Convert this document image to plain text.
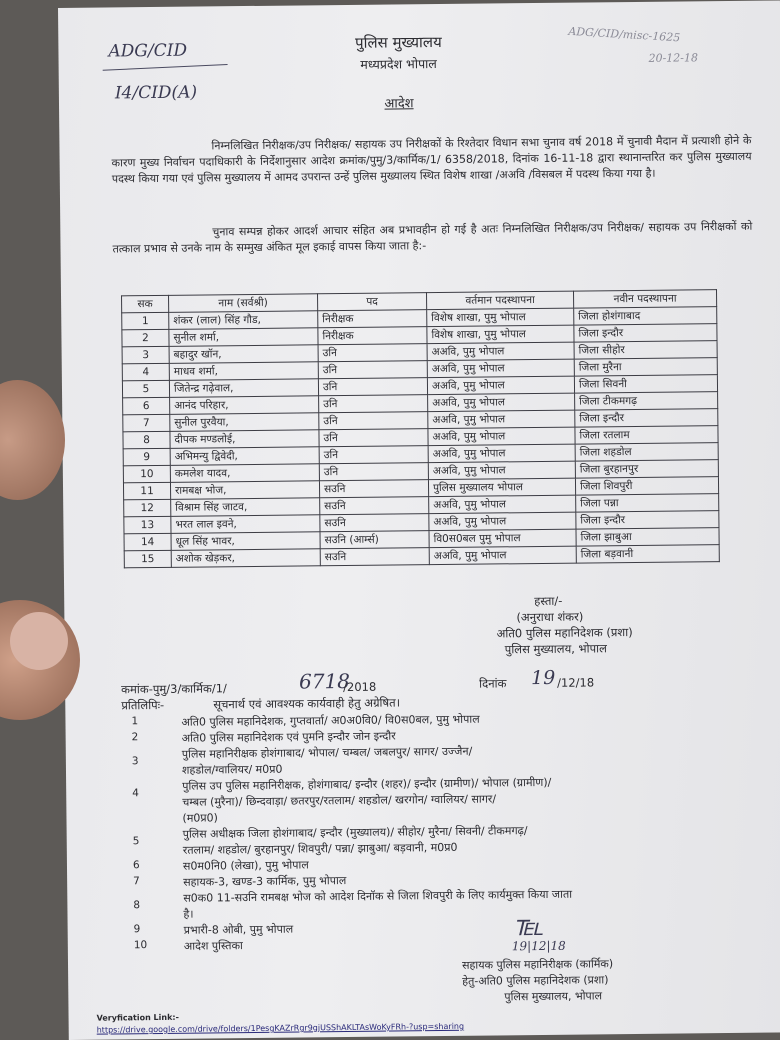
ADG/CID
I4/CID(A)
ADG/CID/misc-1625
20-12-18
पुलिस मुख्यालय
मध्यप्रदेश भोपाल
आदेश
निम्नलिखित निरीक्षक/उप निरीक्षक/ सहायक उप निरीक्षकों के रिश्तेदार विधान सभा चुनाव वर्ष 2018 में चुनावी मैदान में प्रत्याशी होने के कारण मुख्य निर्वाचन पदाधिकारी के निर्देशानुसार आदेश क्रमांक/पुमु/3/कार्मिक/1/ 6358/2018, दिनांक 16-11-18 द्वारा स्थानान्तरित कर पुलिस मुख्यालय पदस्थ किया गया एवं पुलिस मुख्यालय में आमद उपरान्त उन्हें पुलिस मुख्यालय स्थित विशेष शाखा /अअवि /विसबल में पदस्थ किया गया है।
चुनाव सम्पन्न होकर आदर्श आचार संहित अब प्रभावहीन हो गई है अतः निम्नलिखित निरीक्षक/उप निरीक्षक/ सहायक उप निरीक्षकों को तत्काल प्रभाव से उनके नाम के सम्मुख अंकित मूल इकाई वापस किया जाता है:-
सक	नाम (सर्वश्री)	पद	वर्तमान पदस्थापना	नवीन पदस्थापना
1	शंकर (लाल) सिंह गौड,	निरीक्षक	विशेष शाखा, पुमु भोपाल	जिला होशंगाबाद
2	सुनील शर्मा,	निरीक्षक	विशेष शाखा, पुमु भोपाल	जिला इन्दौर
3	बहादुर खॉन,	उनि	अअवि, पुमु भोपाल	जिला सीहोर
4	माधव शर्मा,	उनि	अअवि, पुमु भोपाल	जिला मुरैना
5	जितेन्द्र गढ़ेवाल,	उनि	अअवि, पुमु भोपाल	जिला सिवनी
6	आनंद परिहार,	उनि	अअवि, पुमु भोपाल	जिला टीकमगढ़
7	सुनील पुरवैया,	उनि	अअवि, पुमु भोपाल	जिला इन्दौर
8	दीपक मण्डलोई,	उनि	अअवि, पुमु भोपाल	जिला रतलाम
9	अभिमन्यु द्विवेदी,	उनि	अअवि, पुमु भोपाल	जिला शहडोल
10	कमलेश यादव,	उनि	अअवि, पुमु भोपाल	जिला बुरहानपुर
11	रामबक्ष भोज,	सउनि	पुलिस मुख्यालय भोपाल	जिला शिवपुरी
12	विश्राम सिंह जाटव,	सउनि	अअवि, पुमु भोपाल	जिला पन्ना
13	भरत लाल इवने,	सउनि	अअवि, पुमु भोपाल	जिला इन्दौर
14	धूल सिंह भावर,	सउनि (आर्म्स)	वि0स0बल पुमु भोपाल	जिला झाबुआ
15	अशोक खेड़कर,	सउनि	अअवि, पुमु भोपाल	जिला बड़वानी
हस्ता/-
(अनुराधा शंकर)
अति0 पुलिस महानिदेशक (प्रशा)
पुलिस मुख्यालय, भोपाल
कमांक-पुमु/3/कार्मिक/1/	6718
/2018	दिनांक 19 /12/18
प्रतिलिपिः-	सूचनार्थ एवं आवश्यक कार्यवाही हेतु अग्रेषित।
1	अति0 पुलिस महानिदेशक, गुप्तवार्ता/ अ0अ0वि0/ वि0स0बल, पुमु भोपाल
2	अति0 पुलिस महानिदेशक एवं पुमनि इन्दौर जोन इन्दौर
3
पुलिस महानिरीक्षक होशंगाबाद/ भोपाल/ चम्बल/ जबलपुर/ सागर/ उज्जैन/
शहडोल/ग्वालियर/ म0प्र0
4
पुलिस उप पुलिस महानिरीक्षक, होशंगाबाद/ इन्दौर (शहर)/ इन्दौर (ग्रामीण)/ भोपाल (ग्रामीण)/
चम्बल (मुरैना)/ छिन्दवाड़ा/ छतरपुर/रतलाम/ शहडोल/ खरगोन/ ग्वालियर/ सागर/
(म0प्र0)
5
पुलिस अधीक्षक जिला होशंगाबाद/ इन्दौर (मुख्यालय)/ सीहोर/ मुरैना/ सिवनी/ टीकमगढ़/
रतलाम/ शहडोल/ बुरहानपुर/ शिवपुरी/ पन्ना/ झाबुआ/ बड़वानी, म0प्र0
6	स0म0नि0 (लेखा), पुमु भोपाल
7	सहायक-3, खण्ड-3 कार्मिक, पुमु भोपाल
8
स0क0 11-सउनि रामबक्ष भोज को आदेश दिनॉक से जिला शिवपुरी के लिए कार्यमुक्त किया जाता
है।
9	प्रभारी-8 ओबी, पुमु भोपाल
10	आदेश पुस्तिका
℡
19|12|18
सहायक पुलिस महानिरीक्षक (कार्मिक)
हेतु-अति0 पुलिस महानिदेशक (प्रशा)
पुलिस मुख्यालय, भोपाल
Veryfication Link:-
https://drive.google.com/drive/folders/1PesgKAZrRgr9gjUSShAKLTAsWoKyFRh-?usp=sharing
